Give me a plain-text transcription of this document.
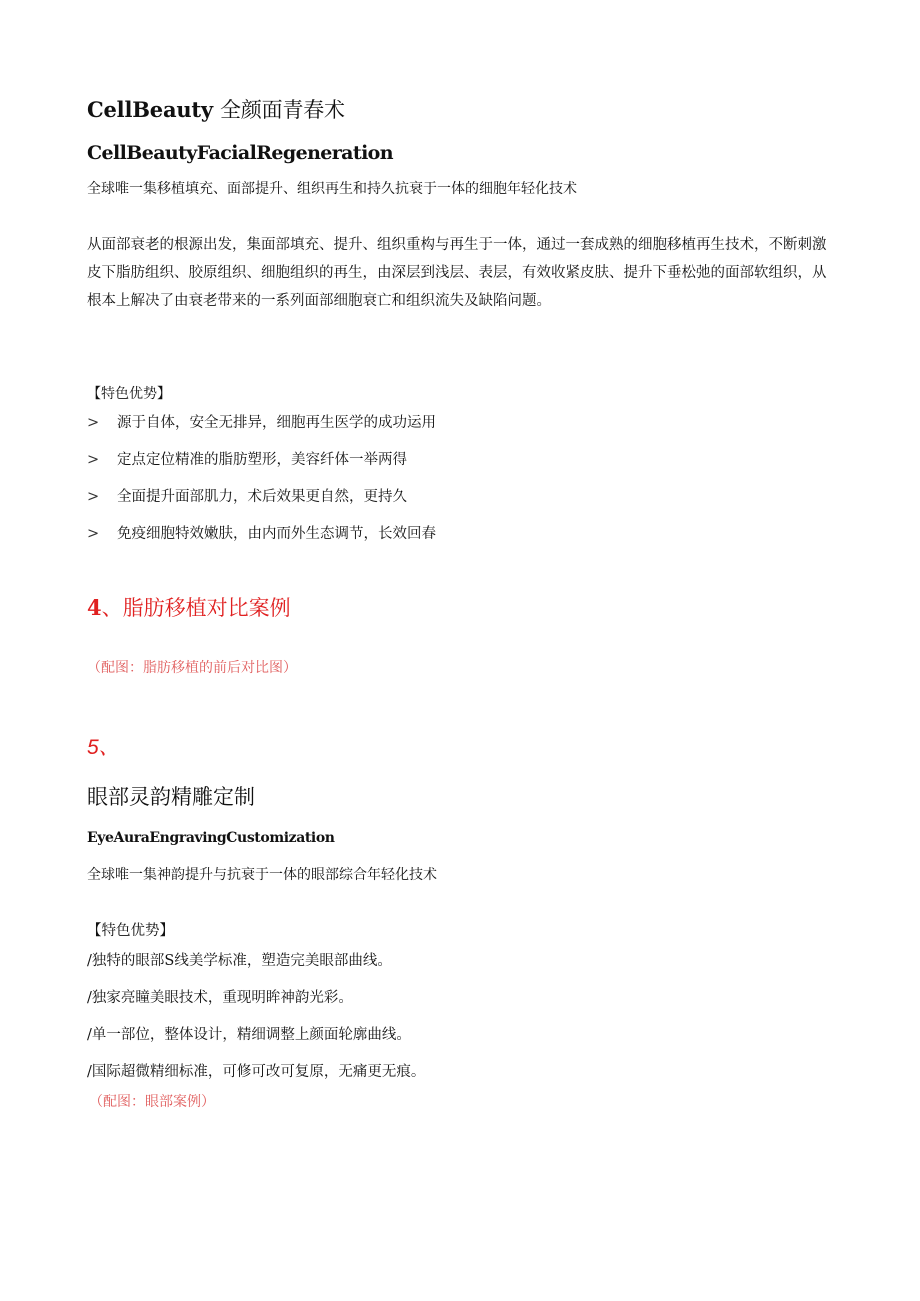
CellBeauty 全颜面青春术
CellBeautyFacialRegeneration
全球唯一集移植填充、面部提升、组织再生和持久抗衰于一体的细胞年轻化技术
从面部衰老的根源出发，集面部填充、提升、组织重构与再生于一体，通过一套成熟的细胞移植再生技术，不断刺激皮下脂肪组织、胶原组织、细胞组织的再生，由深层到浅层、表层，有效收紧皮肤、提升下垂松弛的面部软组织，从根本上解决了由衰老带来的一系列面部细胞衰亡和组织流失及缺陷问题。
【特色优势】
> 源于自体，安全无排异，细胞再生医学的成功运用
> 定点定位精准的脂肪塑形，美容纤体一举两得
> 全面提升面部肌力，术后效果更自然，更持久
> 免疫细胞特效嫩肤，由内而外生态调节，长效回春
4、脂肪移植对比案例
（配图：脂肪移植的前后对比图）
5、
眼部灵韵精雕定制
EyeAuraEngravingCustomization
全球唯一集神韵提升与抗衰于一体的眼部综合年轻化技术
【特色优势】
/独特的眼部S线美学标准，塑造完美眼部曲线。
/独家亮瞳美眼技术，重现明眸神韵光彩。
/单一部位，整体设计，精细调整上颜面轮廓曲线。
/国际超微精细标准，可修可改可复原，无痛更无痕。
（配图：眼部案例）
